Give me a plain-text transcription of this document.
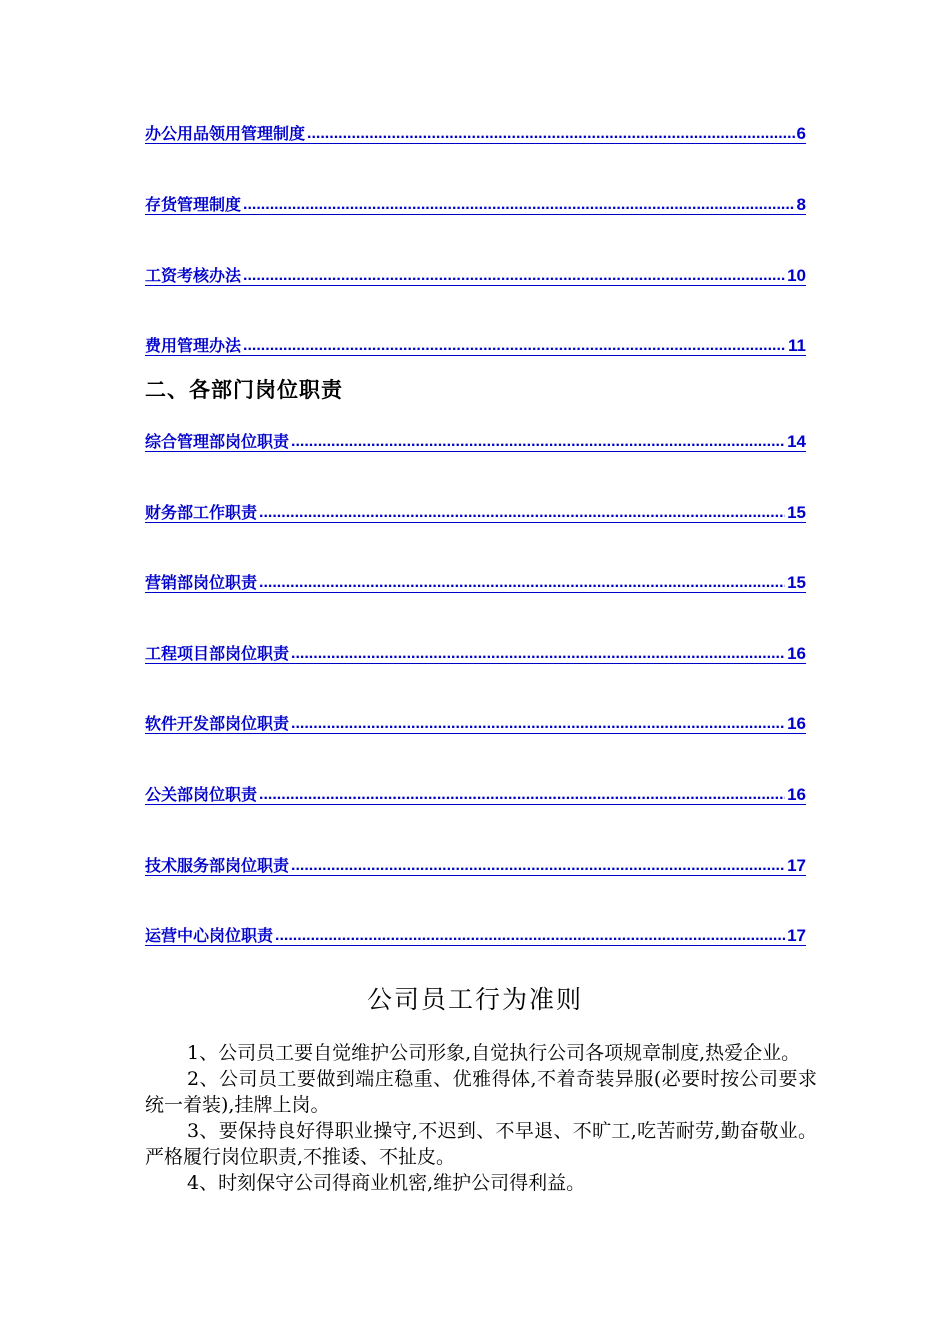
办公用品领用管理制度 .....	6
存货管理制度 .....	8
工资考核办法 .....	10
费用管理办法 .....	11
二、各部门岗位职责
综合管理部岗位职责 .....	14
财务部工作职责 .....	15
营销部岗位职责 .....	15
工程项目部岗位职责 .....	16
软件开发部岗位职责 .....	16
公关部岗位职责 .....	16
技术服务部岗位职责 .....	17
运营中心岗位职责 .....	17
公司员工行为准则

1、公司员工要自觉维护公司形象,自觉执行公司各项规章制度,热爱企业。

2、公司员工要做到端庄稳重、优雅得体,不着奇装异服(必要时按公司要求统一着装),挂牌上岗。

3、要保持良好得职业操守,不迟到、不早退、不旷工,吃苦耐劳,勤奋敬业。严格履行岗位职责,不推诿、不扯皮。

4、时刻保守公司得商业机密,维护公司得利益。
